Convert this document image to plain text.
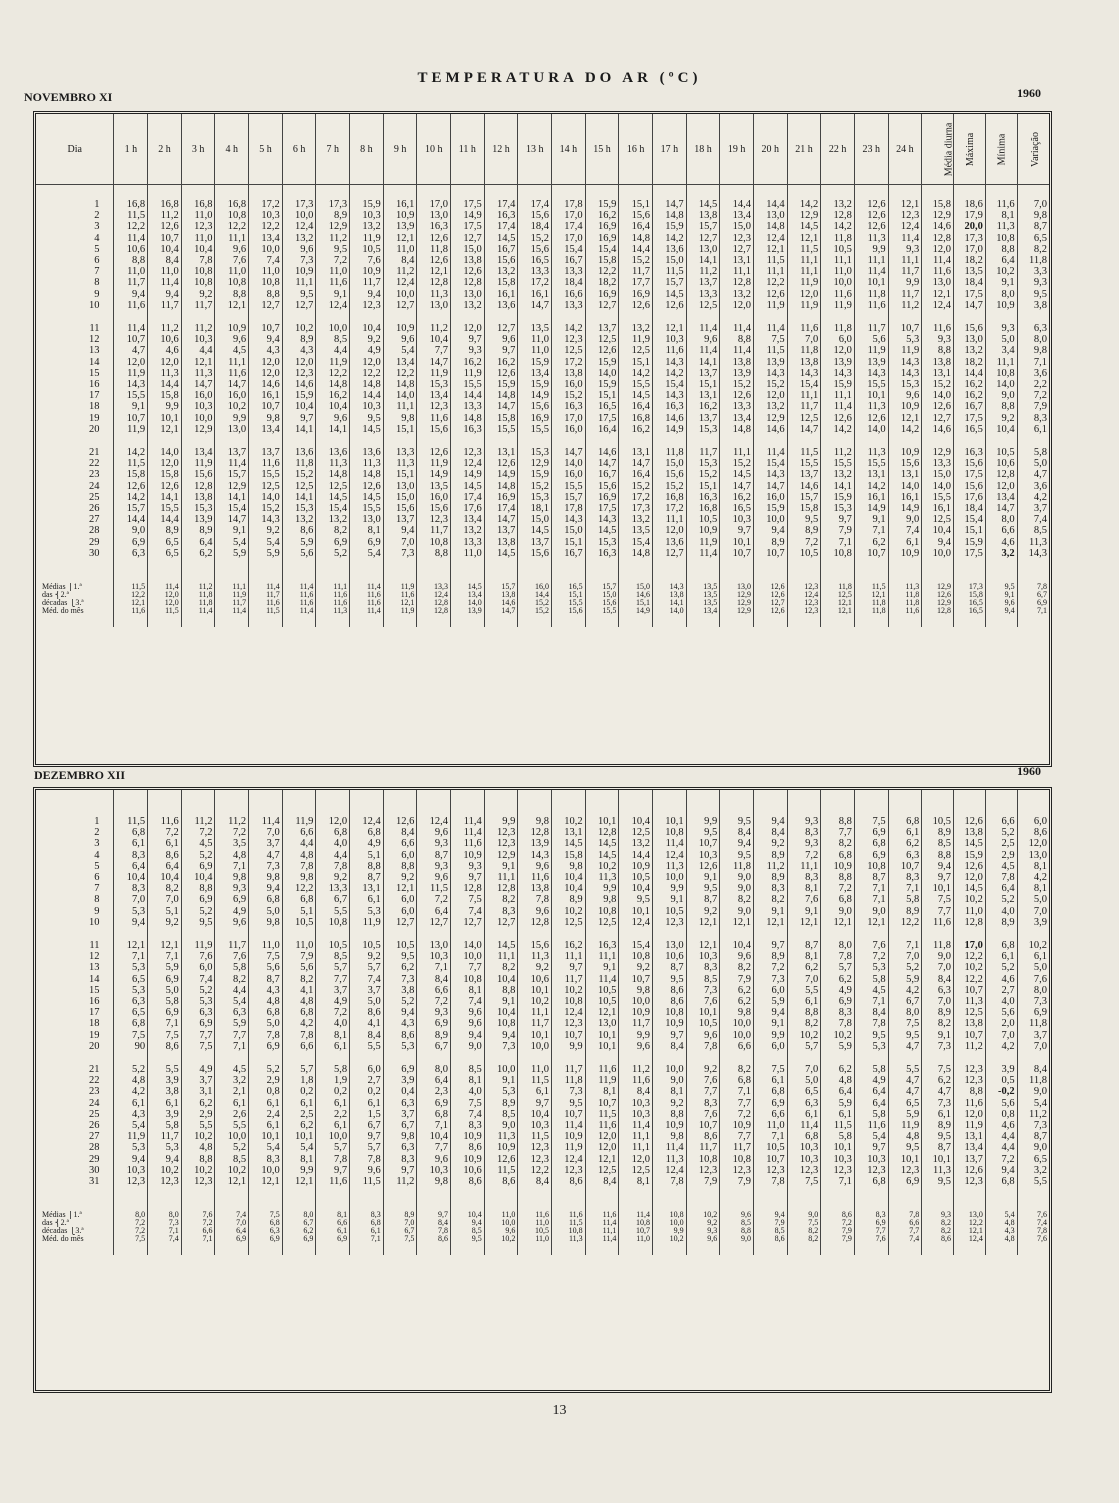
TEMPERATURA DO AR (ºC)
NOVEMBRO XI	1960
Dia	1 h	2 h	3 h	4 h	5 h	6 h	7 h	8 h	9 h	10 h	11 h	12 h	13 h	14 h	15 h	16 h	17 h	18 h	19 h	20 h	21 h	22 h	23 h	24 h	Média diurna	Máxima	Mínima	Variação

1	16,8	16,8	16,8	16,8	17,2	17,3	17,3	15,9	16,1	17,0	17,5	17,4	17,4	17,8	15,9	15,1	14,7	14,5	14,4	14,4	14,2	13,2	12,6	12,1	15,8	18,6	11,6	7,0
2	11,5	11,2	11,0	10,8	10,3	10,0	8,9	10,3	10,9	13,0	14,9	16,3	15,6	17,0	16,2	15,6	14,8	13,8	13,4	13,0	12,9	12,8	12,6	12,3	12,9	17,9	8,1	9,8
3	12,2	12,6	12,3	12,2	12,2	12,4	12,9	13,2	13,9	16,3	17,5	17,4	18,4	17,4	16,9	16,4	15,9	15,7	15,0	14,8	14,5	14,2	12,6	12,4	14,6	20,0	11,3	8,7
4	11,4	10,7	11,0	11,1	13,4	13,2	11,2	11,9	12,1	12,6	12,7	14,5	15,2	17,0	16,9	14,8	14,2	12,7	12,3	12,4	12,1	11,8	11,3	11,4	12,8	17,3	10,8	6,5
5	10,6	10,4	10,4	9,6	10,0	9,6	9,5	10,5	11,0	11,8	15,0	16,7	15,6	15,4	15,4	14,4	13,6	13,0	12,7	12,1	11,5	10,5	9,9	9,3	12,0	17,0	8,8	8,2
6	8,8	8,4	7,8	7,6	7,4	7,3	7,2	7,6	8,4	12,6	13,8	15,6	16,5	16,7	15,8	15,2	15,0	14,1	13,1	11,5	11,1	11,1	11,1	11,1	11,4	18,2	6,4	11,8
7	11,0	11,0	10,8	11,0	11,0	10,9	11,0	10,9	11,2	12,1	12,6	13,2	13,3	13,3	12,2	11,7	11,5	11,2	11,1	11,1	11,1	11,0	11,4	11,7	11,6	13,5	10,2	3,3
8	11,7	11,4	10,8	10,8	10,8	11,1	11,6	11,7	12,4	12,8	12,8	15,8	17,2	18,4	18,2	17,7	15,7	13,7	12,8	12,2	11,9	10,0	10,1	9,9	13,0	18,4	9,1	9,3
9	9,4	9,4	9,2	8,8	8,8	9,5	9,1	9,4	10,0	11,3	13,0	16,1	16,1	16,6	16,9	16,9	14,5	13,3	13,2	12,6	12,0	11,6	11,8	11,7	12,1	17,5	8,0	9,5
10	11,6	11,7	11,7	12,1	12,7	12,7	12,4	12,3	12,7	13,0	13,2	13,6	14,7	13,3	12,7	12,6	12,6	12,5	12,0	11,9	11,9	11,9	11,6	11,2	12,4	14,7	10,9	3,8

11	11,4	11,2	11,2	10,9	10,7	10,2	10,0	10,4	10,9	11,2	12,0	12,7	13,5	14,2	13,7	13,2	12,1	11,4	11,4	11,4	11,6	11,8	11,7	10,7	11,6	15,6	9,3	6,3
12	10,7	10,6	10,3	9,6	9,4	8,9	8,5	9,2	9,6	10,4	9,7	9,6	11,0	12,3	12,5	11,9	10,3	9,6	8,8	7,5	7,0	6,0	5,6	5,3	9,3	13,0	5,0	8,0
13	4,7	4,6	4,4	4,5	4,3	4,3	4,4	4,9	5,4	7,7	9,3	9,7	11,0	12,5	12,6	12,5	11,6	11,4	11,4	11,5	11,8	12,0	11,9	11,9	8,8	13,2	3,4	9,8
14	12,0	12,0	12,1	11,1	12,0	12,0	11,9	12,0	13,4	14,7	16,2	16,2	15,9	17,2	15,9	15,1	14,3	14,1	13,8	13,9	13,8	13,9	13,9	14,3	13,8	18,2	11,1	7,1
15	11,9	11,3	11,3	11,6	12,0	12,3	12,2	12,2	12,2	11,9	11,9	12,6	13,4	13,8	14,0	14,2	14,2	13,7	13,9	14,3	14,3	14,3	14,3	14,3	13,1	14,4	10,8	3,6
16	14,3	14,4	14,7	14,7	14,6	14,6	14,8	14,8	14,8	15,3	15,5	15,9	15,9	16,0	15,9	15,5	15,4	15,1	15,2	15,2	15,4	15,9	15,5	15,3	15,2	16,2	14,0	2,2
17	15,5	15,8	16,0	16,0	16,1	15,9	16,2	14,4	14,0	13,4	14,4	14,8	14,9	15,2	15,1	14,5	14,3	13,1	12,6	12,0	11,1	11,1	10,1	9,6	14,0	16,2	9,0	7,2
18	9,1	9,9	10,3	10,2	10,7	10,4	10,4	10,3	11,1	12,3	13,3	14,7	15,6	16,3	16,5	16,4	16,3	16,2	13,3	13,2	11,7	11,4	11,3	10,9	12,6	16,7	8,8	7,9
19	10,7	10,1	10,0	9,9	9,8	9,7	9,6	9,5	9,8	11,6	14,8	15,8	16,9	17,0	17,5	16,8	14,6	13,7	13,4	12,9	12,5	12,6	12,6	12,1	12,7	17,5	9,2	8,3
20	11,9	12,1	12,9	13,0	13,4	14,1	14,1	14,5	15,1	15,6	16,3	15,5	15,5	16,0	16,4	16,2	14,9	15,3	14,8	14,6	14,7	14,2	14,0	14,2	14,6	16,5	10,4	6,1

21	14,2	14,0	13,4	13,7	13,7	13,6	13,6	13,6	13,3	12,6	12,3	13,1	15,3	14,7	14,6	13,1	11,8	11,7	11,1	11,4	11,5	11,2	11,3	10,9	12,9	16,3	10,5	5,8
22	11,5	12,0	11,9	11,4	11,6	11,8	11,3	11,3	11,3	11,9	12,4	12,6	12,9	14,0	14,7	14,7	15,0	15,3	15,2	15,4	15,5	15,5	15,5	15,6	13,3	15,6	10,6	5,0
23	15,8	15,8	15,6	15,7	15,5	15,2	14,8	14,8	15,1	14,9	14,9	14,9	15,9	16,0	16,7	16,4	15,6	15,2	14,5	14,3	13,7	13,2	13,1	13,1	15,0	17,5	12,8	4,7
24	12,6	12,6	12,8	12,9	12,5	12,5	12,5	12,6	13,0	13,5	14,5	14,8	15,2	15,5	15,6	15,2	15,2	15,1	14,7	14,7	14,6	14,1	14,2	14,0	14,0	15,6	12,0	3,6
25	14,2	14,1	13,8	14,1	14,0	14,1	14,5	14,5	15,0	16,0	17,4	16,9	15,3	15,7	16,9	17,2	16,8	16,3	16,2	16,0	15,7	15,9	16,1	16,1	15,5	17,6	13,4	4,2
26	15,7	15,5	15,3	15,4	15,2	15,3	15,4	15,5	15,6	15,6	17,6	17,4	18,1	17,8	17,5	17,3	17,2	16,8	16,5	15,9	15,8	15,3	14,9	14,9	16,1	18,4	14,7	3,7
27	14,4	14,4	13,9	14,7	14,3	13,2	13,2	13,0	13,7	12,3	13,4	14,7	15,0	14,3	14,3	13,2	11,1	10,5	10,3	10,0	9,5	9,7	9,1	9,0	12,5	15,4	8,0	7,4
28	9,0	8,9	8,9	9,1	9,2	8,6	8,2	8,1	9,4	11,7	13,2	13,7	14,5	15,0	14,5	13,5	12,0	10,9	9,7	9,4	8,9	7,9	7,1	7,4	10,4	15,1	6,6	8,5
29	6,9	6,5	6,4	5,4	5,4	5,9	6,9	6,9	7,0	10,8	13,3	13,8	13,7	15,1	15,3	15,4	13,6	11,9	10,1	8,9	7,2	7,1	6,2	6,1	9,4	15,9	4,6	11,3
30	6,3	6,5	6,2	5,9	5,9	5,6	5,2	5,4	7,3	8,8	11,0	14,5	15,6	16,7	16,3	14,8	12,7	11,4	10,7	10,7	10,5	10,8	10,7	10,9	10,0	17,5	3,2	14,3

Médias ⎧1.ª	11,5	11,4	11,2	11,1	11,4	11,4	11,1	11,4	11,9	13,3	14,5	15,7	16,0	16,5	15,7	15,0	14,3	13,5	13,0	12,6	12,3	11,8	11,5	11,3	12,9	17,3	9,5	7,8
das ⎨2.ª	12,2	12,0	11,8	11,9	11,7	11,6	11,6	11,6	11,6	12,4	13,4	13,8	14,4	15,1	15,0	14,6	13,8	13,5	12,9	12,6	12,4	12,5	12,1	11,8	12,6	15,8	9,1	6,7
décadas ⎩3.ª	12,1	12,0	11,8	11,7	11,6	11,6	11,6	11,6	12,1	12,8	14,0	14,6	15,2	15,5	15,6	15,1	14,1	13,5	12,9	12,7	12,3	12,1	11,8	11,8	12,9	16,5	9,6	6,9
Méd. do mês	11,6	11,5	11,4	11,4	11,5	11,4	11,3	11,4	11,9	12,8	13,9	14,7	15,2	15,6	15,5	14,9	14,0	13,4	12,9	12,6	12,3	12,1	11,8	11,6	12,8	16,5	9,4	7,1

DEZEMBRO XII	1960

1	11,5	11,6	11,2	11,2	11,4	11,9	12,0	12,4	12,6	12,4	11,4	9,9	9,8	10,2	10,1	10,4	10,1	9,9	9,5	9,4	9,3	8,8	7,5	6,8	10,5	12,6	6,6	6,0
2	6,8	7,2	7,2	7,2	7,0	6,6	6,8	6,8	8,4	9,6	11,4	12,3	12,8	13,1	12,8	12,5	10,8	9,5	8,4	8,4	8,3	7,7	6,9	6,1	8,9	13,8	5,2	8,6
3	6,1	6,1	4,5	3,5	3,7	4,4	4,0	4,9	6,6	9,3	11,6	12,3	13,9	14,5	14,5	13,2	11,4	10,7	9,4	9,2	9,3	8,2	6,8	6,2	8,5	14,5	2,5	12,0
4	8,3	8,6	5,2	4,8	4,7	4,8	4,4	5,1	6,0	8,7	10,9	12,9	14,3	15,8	14,5	14,4	12,4	10,3	9,5	8,9	7,2	6,8	6,9	6,3	8,8	15,9	2,9	13,0
5	6,4	6,4	6,9	7,1	7,3	7,8	7,8	8,8	8,8	9,3	9,3	9,1	9,6	9,8	10,2	10,9	11,3	12,6	11,8	11,2	11,1	10,9	10,8	10,7	9,4	12,6	4,5	8,1
6	10,4	10,4	10,4	9,8	9,8	9,8	9,2	8,7	9,2	9,6	9,7	11,1	11,6	10,4	11,3	10,5	10,0	9,1	9,0	8,9	8,3	8,8	8,7	8,3	9,7	12,0	7,8	4,2
7	8,3	8,2	8,8	9,3	9,4	12,2	13,3	13,1	12,1	11,5	12,8	12,8	13,8	10,4	9,9	10,4	9,9	9,5	9,0	8,3	8,1	7,2	7,1	7,1	10,1	14,5	6,4	8,1
8	7,0	7,0	6,9	6,9	6,8	6,8	6,7	6,1	6,0	7,2	7,5	8,2	7,8	8,9	9,8	9,5	9,1	8,7	8,2	8,2	7,6	6,8	7,1	5,8	7,5	10,2	5,2	5,0
9	5,3	5,1	5,2	4,9	5,0	5,1	5,5	5,3	6,0	6,4	7,4	8,3	9,6	10,2	10,8	10,1	10,5	9,2	9,0	9,1	9,1	9,0	9,0	8,9	7,7	11,0	4,0	7,0
10	9,4	9,2	9,5	9,6	9,8	10,5	10,8	11,9	12,7	12,7	12,7	12,7	12,8	12,5	12,5	12,4	12,3	12,1	12,1	12,1	12,1	12,1	12,1	12,2	11,6	12,8	8,9	3,9

11	12,1	12,1	11,9	11,7	11,0	11,0	10,5	10,5	10,5	13,0	14,0	14,5	15,6	16,2	16,3	15,4	13,0	12,1	10,4	9,7	8,7	8,0	7,6	7,1	11,8	17,0	6,8	10,2
12	7,1	7,1	7,6	7,6	7,5	7,9	8,5	9,2	9,5	10,3	10,0	11,1	11,3	11,1	11,1	10,8	10,6	10,3	9,6	8,9	8,1	7,8	7,2	7,0	9,0	12,2	6,1	6,1
13	5,3	5,9	6,0	5,8	5,6	5,6	5,7	5,7	6,2	7,1	7,7	8,2	9,2	9,7	9,1	9,2	8,7	8,3	8,2	7,2	6,2	5,7	5,3	5,2	7,0	10,2	5,2	5,0
14	6,5	6,9	7,4	8,2	8,7	8,2	7,7	7,4	7,3	8,4	10,8	10,4	10,6	11,7	11,4	10,7	9,5	8,5	7,9	7,3	7,0	6,2	5,8	5,9	8,4	12,2	4,6	7,6
15	5,3	5,0	5,2	4,4	4,3	4,1	3,7	3,7	3,8	6,6	8,1	8,8	10,1	10,2	10,5	9,8	8,6	7,3	6,2	6,0	5,5	4,9	4,5	4,2	6,3	10,7	2,7	8,0
16	6,3	5,8	5,3	5,4	4,8	4,8	4,9	5,0	5,2	7,2	7,4	9,1	10,2	10,8	10,5	10,0	8,6	7,6	6,2	5,9	6,1	6,9	7,1	6,7	7,0	11,3	4,0	7,3
17	6,5	6,9	6,3	6,3	6,8	6,8	7,2	8,6	9,4	9,3	9,6	10,4	11,1	12,4	12,1	10,9	10,8	10,1	9,8	9,4	8,8	8,3	8,4	8,0	8,9	12,5	5,6	6,9
18	6,8	7,1	6,9	5,9	5,0	4,2	4,0	4,1	4,3	6,9	9,6	10,8	11,7	12,3	13,0	11,7	10,9	10,5	10,0	9,1	8,2	7,8	7,8	7,5	8,2	13,8	2,0	11,8
19	7,5	7,5	7,7	7,7	7,8	7,8	8,1	8,4	8,6	8,9	9,4	9,4	10,1	10,7	10,1	9,9	9,7	9,6	10,0	9,9	10,2	10,2	9,5	9,5	9,1	10,7	7,0	3,7
20	90	8,6	7,5	7,1	6,9	6,6	6,1	5,5	5,3	6,7	9,0	7,3	10,0	9,9	10,1	9,6	8,4	7,8	6,6	6,0	5,7	5,9	5,3	4,7	7,3	11,2	4,2	7,0

21	5,2	5,5	4,9	4,5	5,2	5,7	5,8	6,0	6,9	8,0	8,5	10,0	11,0	11,7	11,6	11,2	10,0	9,2	8,2	7,5	7,0	6,2	5,8	5,5	7,5	12,3	3,9	8,4
22	4,8	3,9	3,7	3,2	2,9	1,8	1,9	2,7	3,9	6,4	8,1	9,1	11,5	11,8	11,9	11,6	9,0	7,6	6,8	6,1	5,0	4,8	4,9	4,7	6,2	12,3	0,5	11,8
23	4,2	3,8	3,1	2,1	0,8	0,2	0,2	0,2	0,4	2,3	4,0	5,3	6,1	7,3	8,1	8,4	8,1	7,7	7,1	6,8	6,5	6,4	6,4	4,7	4,7	8,8	-0,2	9,0
24	6,1	6,1	6,2	6,1	6,1	6,1	6,1	6,1	6,3	6,9	7,5	8,9	9,7	9,5	10,7	10,3	9,2	8,3	7,7	6,9	6,3	5,9	6,4	6,5	7,3	11,6	5,6	5,4
25	4,3	3,9	2,9	2,6	2,4	2,5	2,2	1,5	3,7	6,8	7,4	8,5	10,4	10,7	11,5	10,3	8,8	7,6	7,2	6,6	6,1	6,1	5,8	5,9	6,1	12,0	0,8	11,2
26	5,4	5,8	5,5	5,5	6,1	6,2	6,1	6,7	6,7	7,1	8,3	9,0	10,3	11,4	11,6	11,4	10,9	10,7	10,9	11,0	11,4	11,5	11,6	11,9	8,9	11,9	4,6	7,3
27	11,9	11,7	10,2	10,0	10,1	10,1	10,0	9,7	9,8	10,4	10,9	11,3	11,5	10,9	12,0	11,1	9,8	8,6	7,7	7,1	6,8	5,8	5,4	4,8	9,5	13,1	4,4	8,7
28	5,3	5,3	4,8	5,2	5,4	5,4	5,7	5,7	6,3	7,7	8,6	10,9	12,3	11,9	12,0	11,1	11,4	11,7	11,7	10,5	10,3	10,1	9,7	9,5	8,7	13,4	4,4	9,0
29	9,4	9,4	8,8	8,5	8,3	8,1	7,8	7,8	8,3	9,6	10,9	12,6	12,3	12,4	12,1	12,0	11,3	10,8	10,8	10,7	10,3	10,3	10,3	10,1	10,1	13,7	7,2	6,5
30	10,3	10,2	10,2	10,2	10,0	9,9	9,7	9,6	9,7	10,3	10,6	11,5	12,2	12,3	12,5	12,5	12,4	12,3	12,3	12,3	12,3	12,3	12,3	12,3	11,3	12,6	9,4	3,2
31	12,3	12,3	12,3	12,1	12,1	12,1	11,6	11,5	11,2	9,8	8,6	8,6	8,4	8,6	8,4	8,1	7,8	7,9	7,9	7,8	7,5	7,1	6,8	6,9	9,5	12,3	6,8	5,5

Médias ⎧1.ª	8,0	8,0	7,6	7,4	7,5	8,0	8,1	8,3	8,9	9,7	10,4	11,0	11,6	11,6	11,6	11,4	10,8	10,2	9,6	9,4	9,0	8,6	8,3	7,8	9,3	13,0	5,4	7,6
das ⎨2.ª	7,2	7,3	7,2	7,0	6,8	6,7	6,6	6,8	7,0	8,4	9,4	10,0	11,0	11,5	11,4	10,8	10,0	9,2	8,5	7,9	7,5	7,2	6,9	6,6	8,2	12,2	4,8	7,4
décadas ⎩3.ª	7,2	7,1	6,6	6,4	6,3	6,2	6,1	6,1	6,7	7,8	8,5	9,6	10,5	10,8	11,1	10,7	9,9	9,3	8,8	8,5	8,2	7,9	7,7	7,7	8,2	12,1	4,3	7,8
Méd. do mês	7,5	7,4	7,1	6,9	6,9	6,9	6,9	7,1	7,5	8,6	9,5	10,2	11,0	11,3	11,4	11,0	10,2	9,6	9,0	8,6	8,2	7,9	7,6	7,4	8,6	12,4	4,8	7,6

13
